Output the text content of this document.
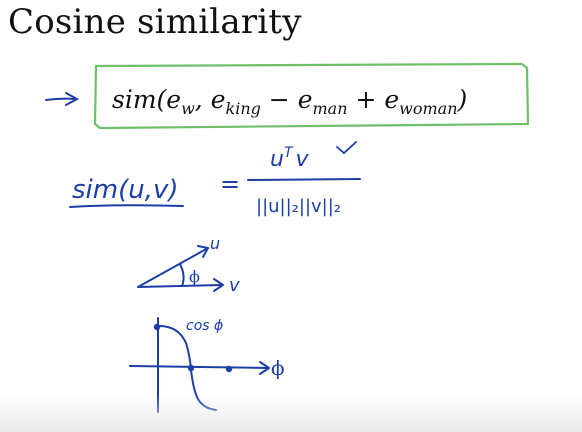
Cosine similarity
$sim(e_w$, $e_{king} - e_{man} + e_{woman}$)
sim(u,v) =
$u^T$ v
||u||₂||v||₂
u
v
ϕ
cos ϕ
ϕ
